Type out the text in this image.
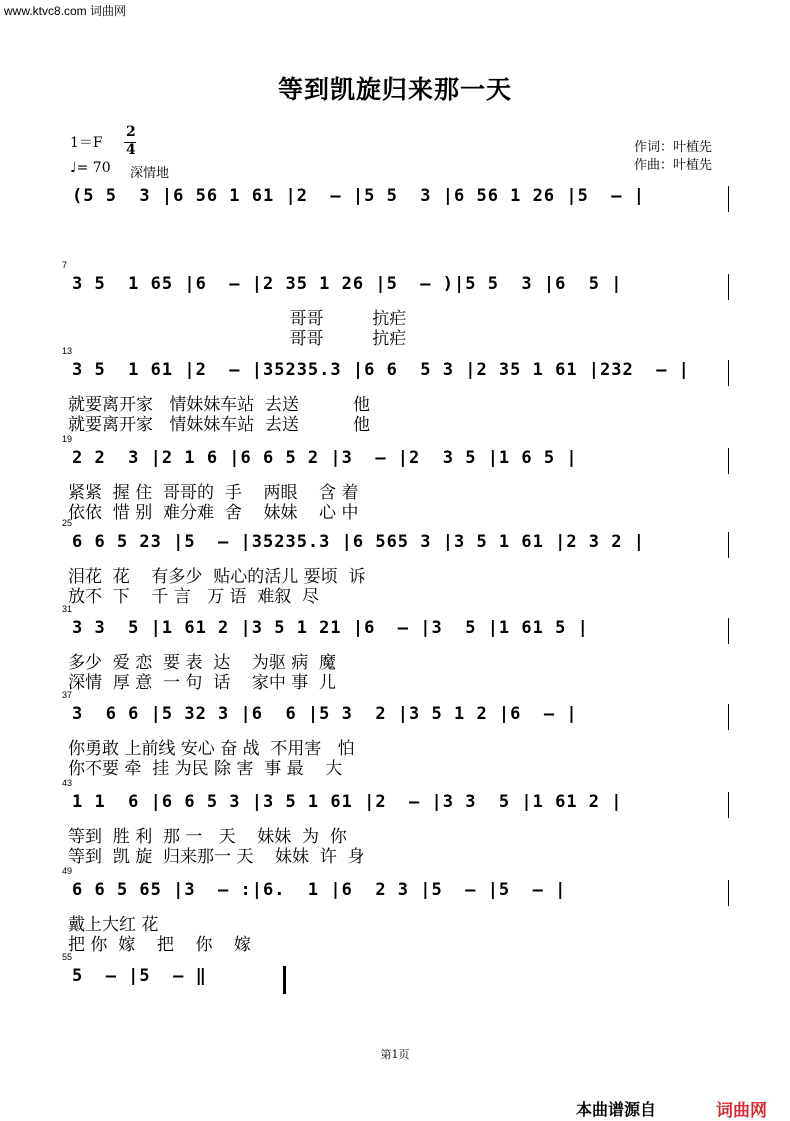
www.ktvc8.com 词曲网
等到凯旋归来那一天
1＝F
2
4
♩= 70 深情地
作词：叶植先
作曲：叶植先
(5 5  3 |6 56 1 61 |2  – |5 5  3 |6 56 1 26 |5  – |
7
3 5  1 65 |6  – |2 35 1 26 |5  – )|5 5  3 |6  5 |
哥哥         抗疟
哥哥         抗疟
13
3 5  1 61 |2  – |35235.3 |6 6  5 3 |2 35 1 61 |232  – |
就要离开家   情妹妹车站  去送          他
就要离开家   情妹妹车站  去送          他
19
2 2  3 |2 1 6 |6 6 5 2 |3  – |2  3 5 |1 6 5 |
紧紧  握 住  哥哥的  手    两眼    含 着
依依  惜 别  难分难  舍    妹妹    心 中
25
6 6 5 23 |5  – |35235.3 |6 565 3 |3 5 1 61 |2 3 2 |
泪花  花    有多少  贴心的活儿 要顷  诉
放不  下    千 言   万 语  难叙  尽
31
3 3  5 |1 61 2 |3 5 1 21 |6  – |3  5 |1 61 5 |
多少  爱 恋  要 表  达    为驱 病  魔
深情  厚 意  一 句  话    家中 事  儿
37
3  6 6 |5 32 3 |6  6 |5 3  2 |3 5 1 2 |6  – |
你勇敢 上前线 安心 奋 战  不用害   怕
你不要 牵  挂 为民 除 害  事 最    大
43
1 1  6 |6 6 5 3 |3 5 1 61 |2  – |3 3  5 |1 61 2 |
等到  胜 利  那 一   天    妹妹  为  你
等到  凯 旋  归来那一 天    妹妹  许  身
49
6 6 5 65 |3  – :|6.  1 |6  2 3 |5  – |5  – |
戴上大红 花
把 你  嫁    把    你    嫁
55
5  – |5  – ‖
第1页
本曲谱源自	词曲网
